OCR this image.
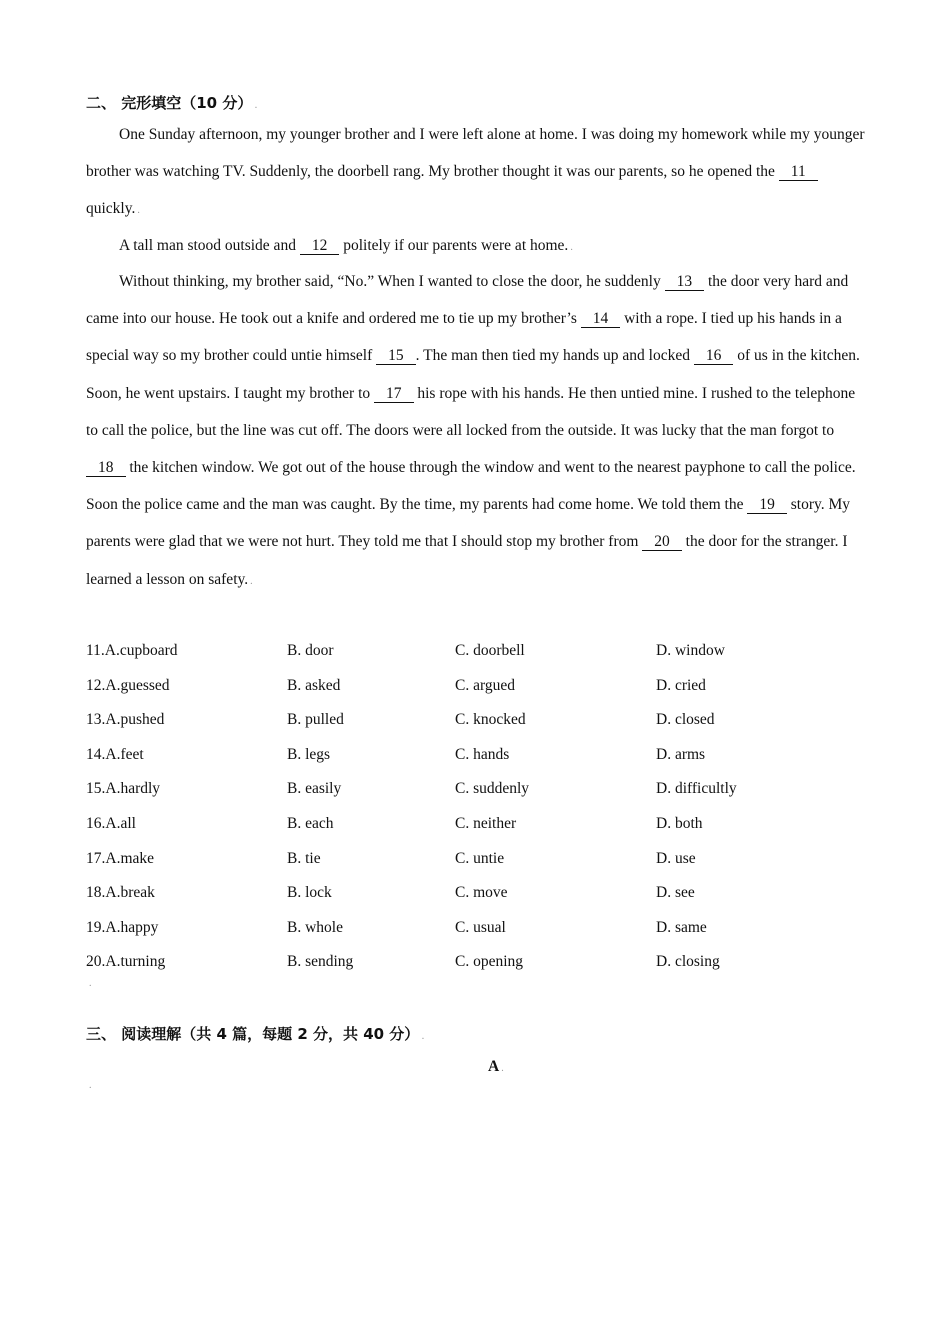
二、 完形填空（10 分） .
One Sunday afternoon, my younger brother and I were left alone at home. I was doing my homework while my younger brother was watching TV. Suddenly, the doorbell rang. My brother thought it was our parents, so he opened the 11 quickly. .
A tall man stood outside and 12 politely if our parents were at home. .
Without thinking, my brother said, “No.” When I wanted to close the door, he suddenly 13 the door very hard and came into our house. He took out a knife and ordered me to tie up my brother’s 14 with a rope. I tied up his hands in a special way so my brother could untie himself 15 . The man then tied my hands up and locked 16 of us in the kitchen. Soon, he went upstairs. I taught my brother to 17 his rope with his hands. He then untied mine. I rushed to the telephone to call the police, but the line was cut off. The doors were all locked from the outside. It was lucky that the man forgot to 18 the kitchen window. We got out of the house through the window and went to the nearest payphone to call the police. Soon the police came and the man was caught. By the time, my parents had come home. We told them the 19 story. My parents were glad that we were not hurt. They told me that I should stop my brother from 20 the door for the stranger. I learned a lesson on safety. .
11.A.cupboard	B. door	C. doorbell	D. window
12.A.guessed	B. asked	C. argued	D. cried
13.A.pushed	B. pulled	C. knocked	D. closed
14.A.feet	B. legs	C. hands	D. arms
15.A.hardly	B. easily	C. suddenly	D. difficultly
16.A.all	B. each	C. neither	D. both
17.A.make	B. tie	C. untie	D. use
18.A.break	B. lock	C. move	D. see
19.A.happy	B. whole	C. usual	D. same
20.A.turning	B. sending	C. opening	D. closing
.
三、 阅读理解（共 4 篇，每题 2 分，共 40 分） .
A .
.
